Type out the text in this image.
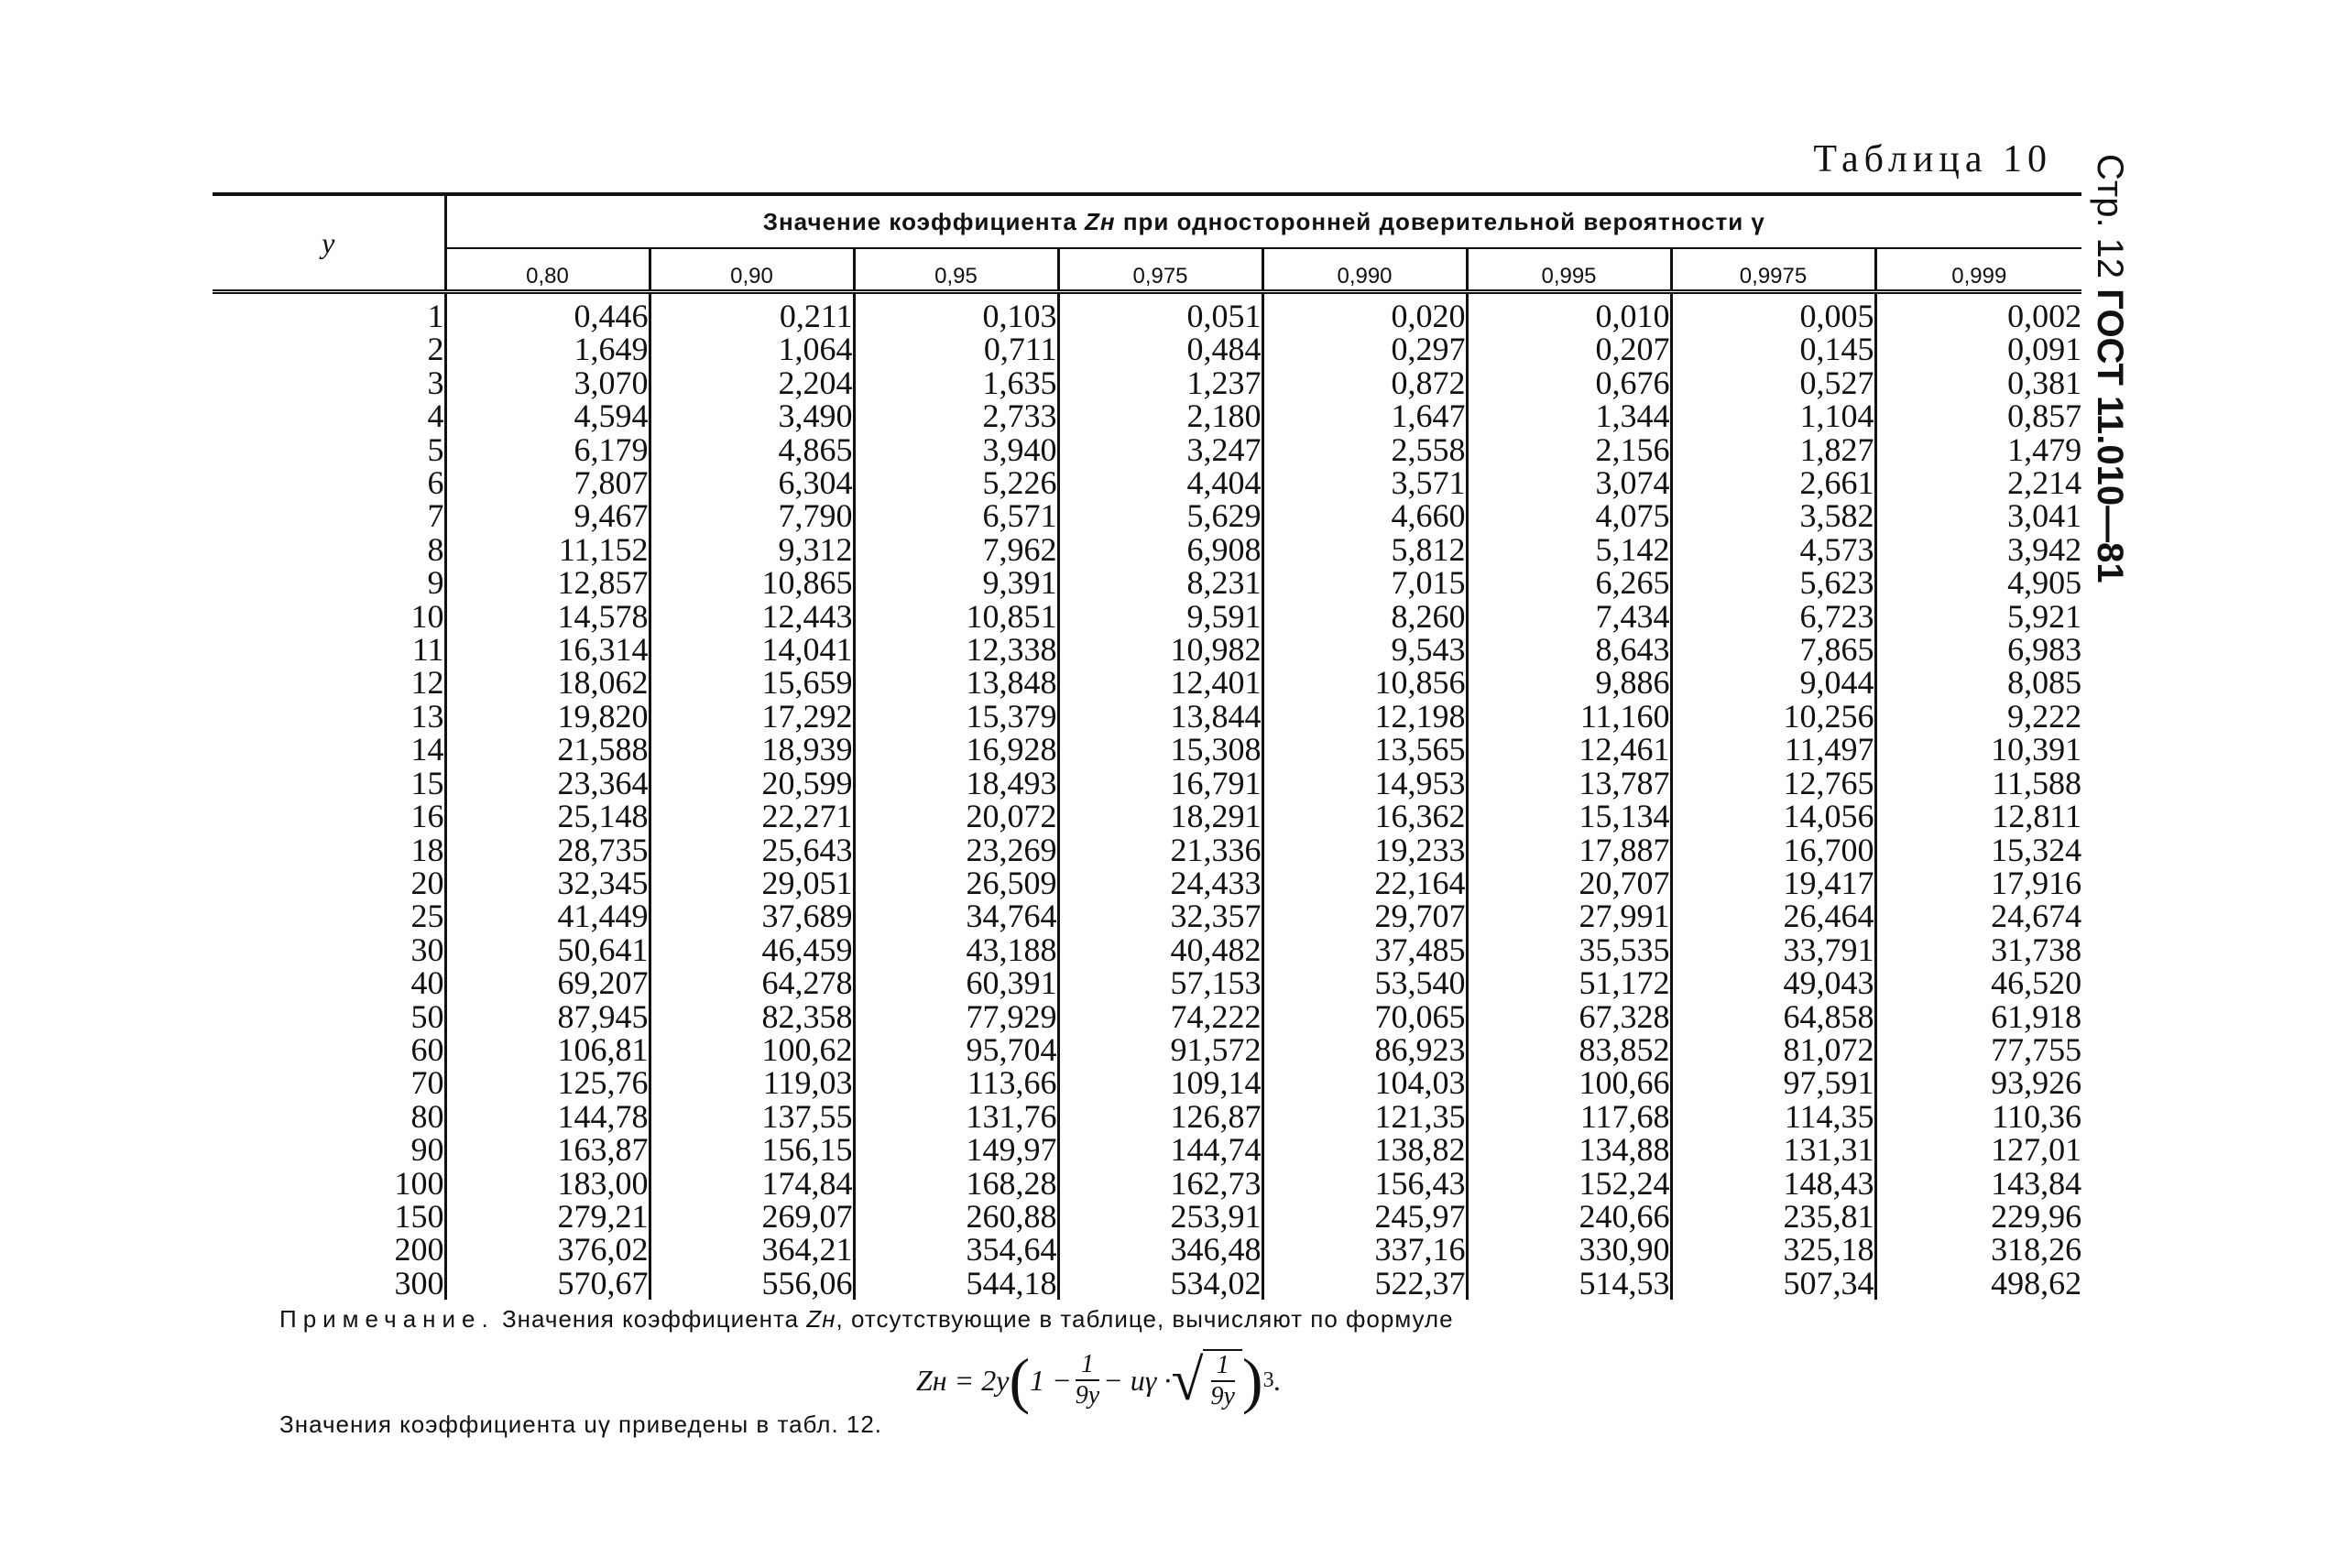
Таблица 10 Стр. 12 ГОСТ 11.010—81
y	Значение коэффициента Zн при односторонней доверительной вероятности γ							
	0,80	0,90	0,95	0,975	0,990	0,995	0,9975	0,999
1	0,446	0,211	0,103	0,051	0,020	0,010	0,005	0,002
2	1,649	1,064	0,711	0,484	0,297	0,207	0,145	0,091
3	3,070	2,204	1,635	1,237	0,872	0,676	0,527	0,381
4	4,594	3,490	2,733	2,180	1,647	1,344	1,104	0,857
5	6,179	4,865	3,940	3,247	2,558	2,156	1,827	1,479
6	7,807	6,304	5,226	4,404	3,571	3,074	2,661	2,214
7	9,467	7,790	6,571	5,629	4,660	4,075	3,582	3,041
8	11,152	9,312	7,962	6,908	5,812	5,142	4,573	3,942
9	12,857	10,865	9,391	8,231	7,015	6,265	5,623	4,905
10	14,578	12,443	10,851	9,591	8,260	7,434	6,723	5,921
11	16,314	14,041	12,338	10,982	9,543	8,643	7,865	6,983
12	18,062	15,659	13,848	12,401	10,856	9,886	9,044	8,085
13	19,820	17,292	15,379	13,844	12,198	11,160	10,256	9,222
14	21,588	18,939	16,928	15,308	13,565	12,461	11,497	10,391
15	23,364	20,599	18,493	16,791	14,953	13,787	12,765	11,588
16	25,148	22,271	20,072	18,291	16,362	15,134	14,056	12,811
18	28,735	25,643	23,269	21,336	19,233	17,887	16,700	15,324
20	32,345	29,051	26,509	24,433	22,164	20,707	19,417	17,916
25	41,449	37,689	34,764	32,357	29,707	27,991	26,464	24,674
30	50,641	46,459	43,188	40,482	37,485	35,535	33,791	31,738
40	69,207	64,278	60,391	57,153	53,540	51,172	49,043	46,520
50	87,945	82,358	77,929	74,222	70,065	67,328	64,858	61,918
60	106,81	100,62	95,704	91,572	86,923	83,852	81,072	77,755
70	125,76	119,03	113,66	109,14	104,03	100,66	97,591	93,926
80	144,78	137,55	131,76	126,87	121,35	117,68	114,35	110,36
90	163,87	156,15	149,97	144,74	138,82	134,88	131,31	127,01
100	183,00	174,84	168,28	162,73	156,43	152,24	148,43	143,84
150	279,21	269,07	260,88	253,91	245,97	240,66	235,81	229,96
200	376,02	364,21	354,64	346,48	337,16	330,90	325,18	318,26
300	570,67	556,06	544,18	534,02	522,37	514,53	507,34	498,62
Примечание. Значения коэффициента Zн, отсутствующие в таблице, вычисляют по формуле
Zн = 2y ( $1 - \frac{1}{9y} - u\gamma$ · √ $\frac{1}{9y}$ ) 3 .
Значения коэффициента uγ приведены в табл. 12.
